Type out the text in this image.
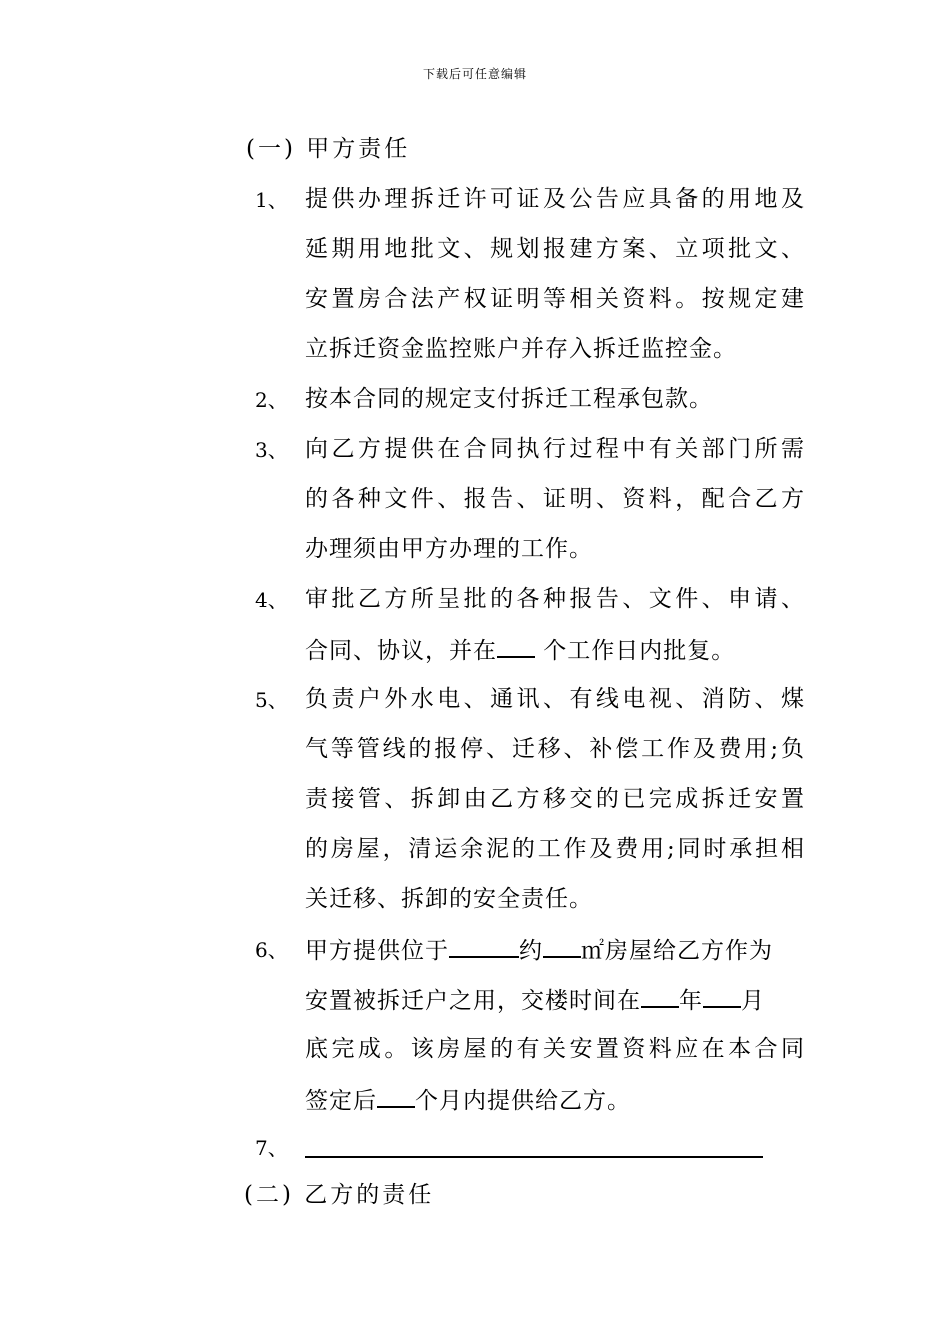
下载后可任意编辑
(一) 甲方责任
1、 提供办理拆迁许可证及公告应具备的用地及
延期用地批文、规划报建方案、立项批文、
安置房合法产权证明等相关资料。按规定建
立拆迁资金监控账户并存入拆迁监控金。
2、 按本合同的规定支付拆迁工程承包款。
3、 向乙方提供在合同执行过程中有关部门所需
的各种文件、报告、证明、资料，配合乙方
办理须由甲方办理的工作。
4、 审批乙方所呈批的各种报告、文件、申请、
合同、协议，并在 个工作日内批复。
5、 负责户外水电、通讯、有线电视、消防、煤
气等管线的报停、迁移、补偿工作及费用;负
责接管、拆卸由乙方移交的已完成拆迁安置
的房屋，清运余泥的工作及费用;同时承担相
关迁移、拆卸的安全责任。
6、 甲方提供位于	约 ㎡房屋给乙方作为
安置被拆迁户之用，交楼时间在 年 月
底完成。该房屋的有关安置资料应在本合同
签定后 个月内提供给乙方。
7、
(二) 乙方的责任
